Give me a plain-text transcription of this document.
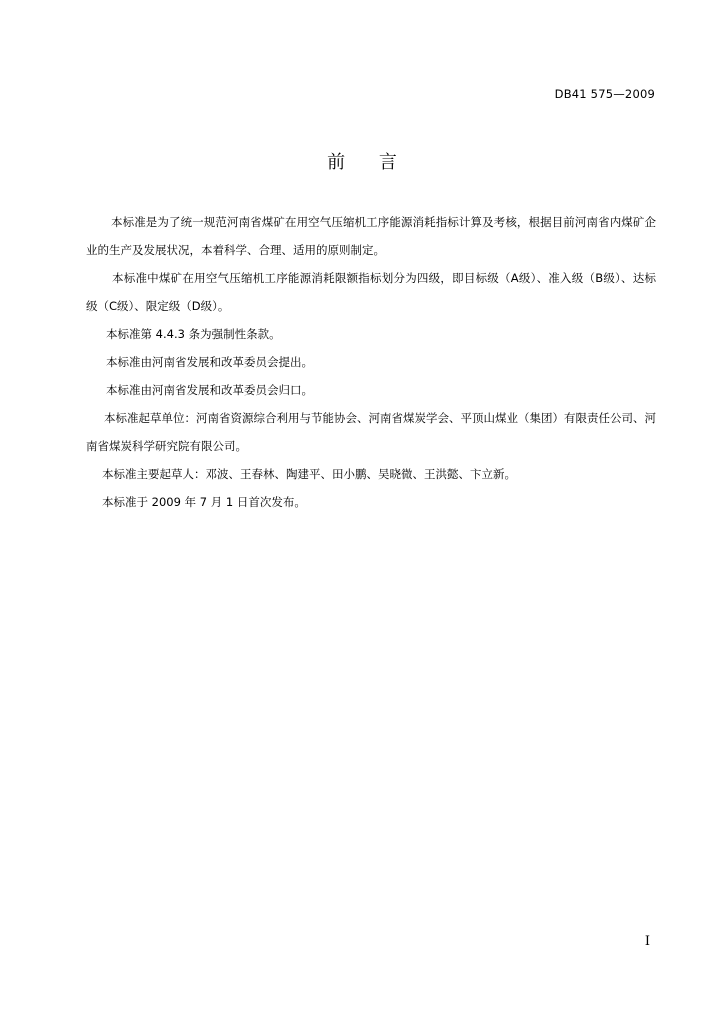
DB41 575—2009
前 言

本标准是为了统一规范河南省煤矿在用空气压缩机工序能源消耗指标计算及考核，根据目前河南省内煤矿企业的生产及发展状况，本着科学、合理、适用的原则制定。

本标准中煤矿在用空气压缩机工序能源消耗限额指标划分为四级，即目标级（A级）、准入级（B级）、达标级（C级）、限定级（D级）。

本标准第 4.4.3 条为强制性条款。

本标准由河南省发展和改革委员会提出。

本标准由河南省发展和改革委员会归口。

本标准起草单位：河南省资源综合利用与节能协会、河南省煤炭学会、平顶山煤业（集团）有限责任公司、河南省煤炭科学研究院有限公司。

本标准主要起草人：邓波、王春林、陶建平、田小鹏、吴晓微、王洪懿、卞立新。

本标准于 2009 年 7 月 1 日首次发布。

I
